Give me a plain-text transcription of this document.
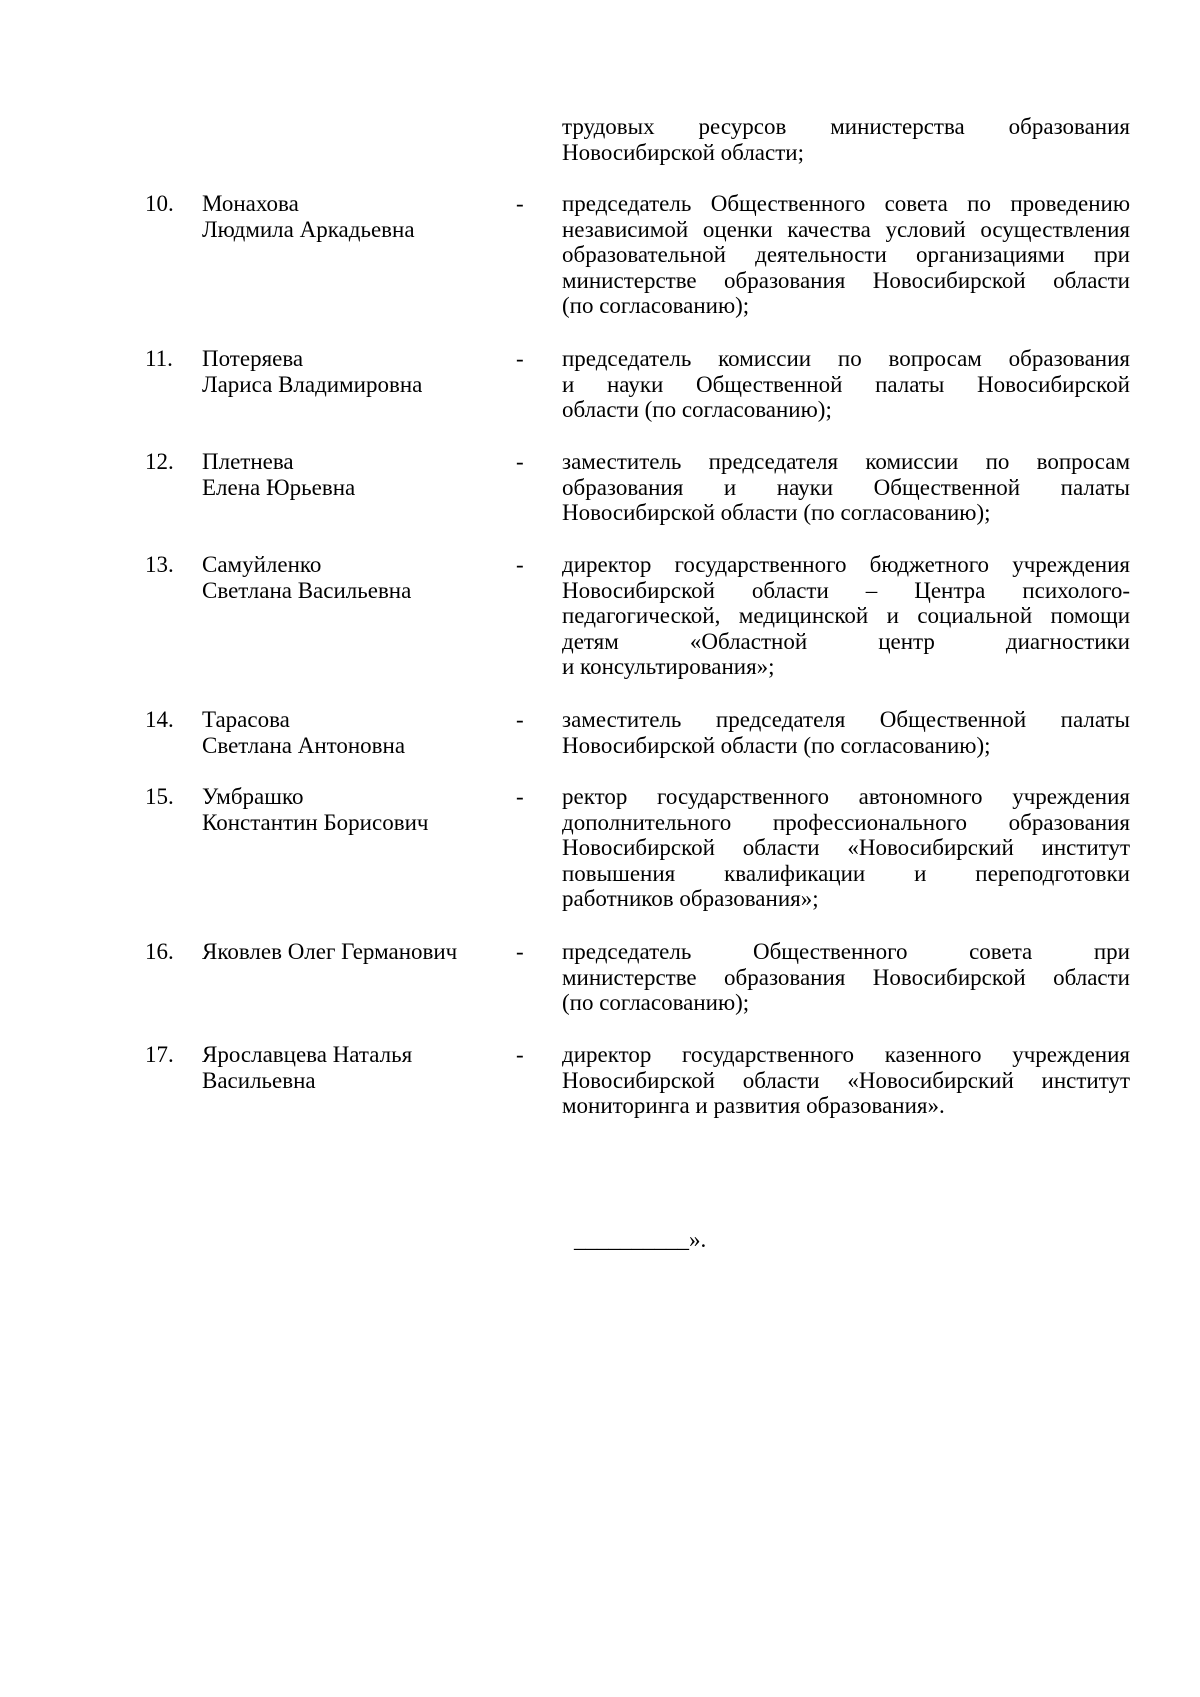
трудовых ресурсов министерства образования
Новосибирской области;
10. Монахова
Людмила Аркадьевна
- председатель Общественного совета по проведению
независимой оценки качества условий осуществления
образовательной деятельности организациями при
министерстве образования Новосибирской области
(по согласованию);
11. Потеряева
Лариса Владимировна
- председатель комиссии по вопросам образования
и науки Общественной палаты Новосибирской
области (по согласованию);
12. Плетнева
Елена Юрьевна
- заместитель председателя комиссии по вопросам
образования и науки Общественной палаты
Новосибирской области (по согласованию);
13. Самуйленко
Светлана Васильевна
- директор государственного бюджетного учреждения
Новосибирской области – Центра психолого-
педагогической, медицинской и социальной помощи
детям «Областной центр диагностики
и консультирования»;
14. Тарасова
Светлана Антоновна
- заместитель председателя Общественной палаты
Новосибирской области (по согласованию);
15. Умбрашко
Константин Борисович
- ректор государственного автономного учреждения
дополнительного профессионального образования
Новосибирской области «Новосибирский институт
повышения квалификации и переподготовки
работников образования»;
16. Яковлев Олег Германович	- председатель Общественного совета при
министерстве образования Новосибирской области
(по согласованию);
17. Ярославцева Наталья
Васильевна
- директор государственного казенного учреждения
Новосибирской области «Новосибирский институт
мониторинга и развития образования».
__________».
